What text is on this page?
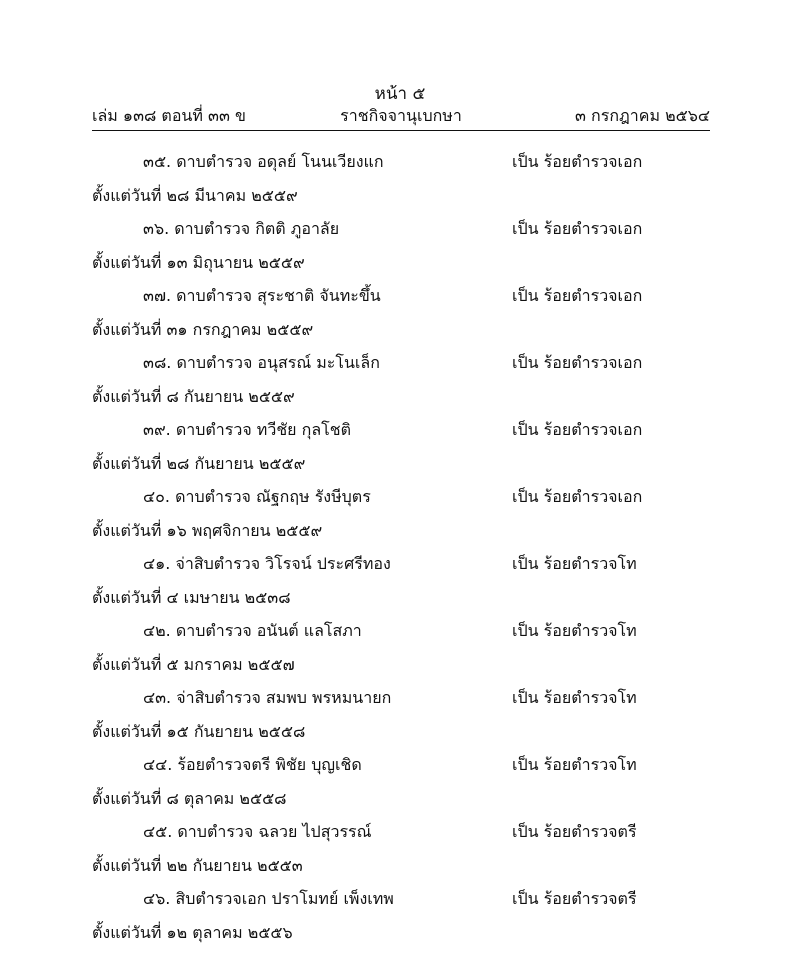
หน้า ๕
เล่ม ๑๓๘ ตอนที่ ๓๓ ข	ราชกิจจานุเบกษา	๓ กรกฎาคม ๒๕๖๔
๓๕. ดาบตำรวจ อดุลย์ โนนเวียงแก	เป็น ร้อยตำรวจเอก
ตั้งแต่วันที่ ๒๘ มีนาคม ๒๕๕๙
๓๖. ดาบตำรวจ กิตติ ภูอาลัย	เป็น ร้อยตำรวจเอก
ตั้งแต่วันที่ ๑๓ มิถุนายน ๒๕๕๙
๓๗. ดาบตำรวจ สุระชาติ จันทะขึ้น	เป็น ร้อยตำรวจเอก
ตั้งแต่วันที่ ๓๑ กรกฎาคม ๒๕๕๙
๓๘. ดาบตำรวจ อนุสรณ์ มะโนเล็ก	เป็น ร้อยตำรวจเอก
ตั้งแต่วันที่ ๘ กันยายน ๒๕๕๙
๓๙. ดาบตำรวจ ทวีชัย กุลโชติ	เป็น ร้อยตำรวจเอก
ตั้งแต่วันที่ ๒๘ กันยายน ๒๕๕๙
๔๐. ดาบตำรวจ ณัฐกฤษ รังษีบุตร	เป็น ร้อยตำรวจเอก
ตั้งแต่วันที่ ๑๖ พฤศจิกายน ๒๕๕๙
๔๑. จ่าสิบตำรวจ วิโรจน์ ประศรีทอง	เป็น ร้อยตำรวจโท
ตั้งแต่วันที่ ๔ เมษายน ๒๕๓๘
๔๒. ดาบตำรวจ อนันต์ แลโสภา	เป็น ร้อยตำรวจโท
ตั้งแต่วันที่ ๕ มกราคม ๒๕๕๗
๔๓. จ่าสิบตำรวจ สมพบ พรหมนายก	เป็น ร้อยตำรวจโท
ตั้งแต่วันที่ ๑๕ กันยายน ๒๕๕๘
๔๔. ร้อยตำรวจตรี พิชัย บุญเชิด	เป็น ร้อยตำรวจโท
ตั้งแต่วันที่ ๘ ตุลาคม ๒๕๕๘
๔๕. ดาบตำรวจ ฉลวย ไปสุวรรณ์	เป็น ร้อยตำรวจตรี
ตั้งแต่วันที่ ๒๒ กันยายน ๒๕๕๓
๔๖. สิบตำรวจเอก ปราโมทย์ เพ็งเทพ	เป็น ร้อยตำรวจตรี
ตั้งแต่วันที่ ๑๒ ตุลาคม ๒๕๕๖
